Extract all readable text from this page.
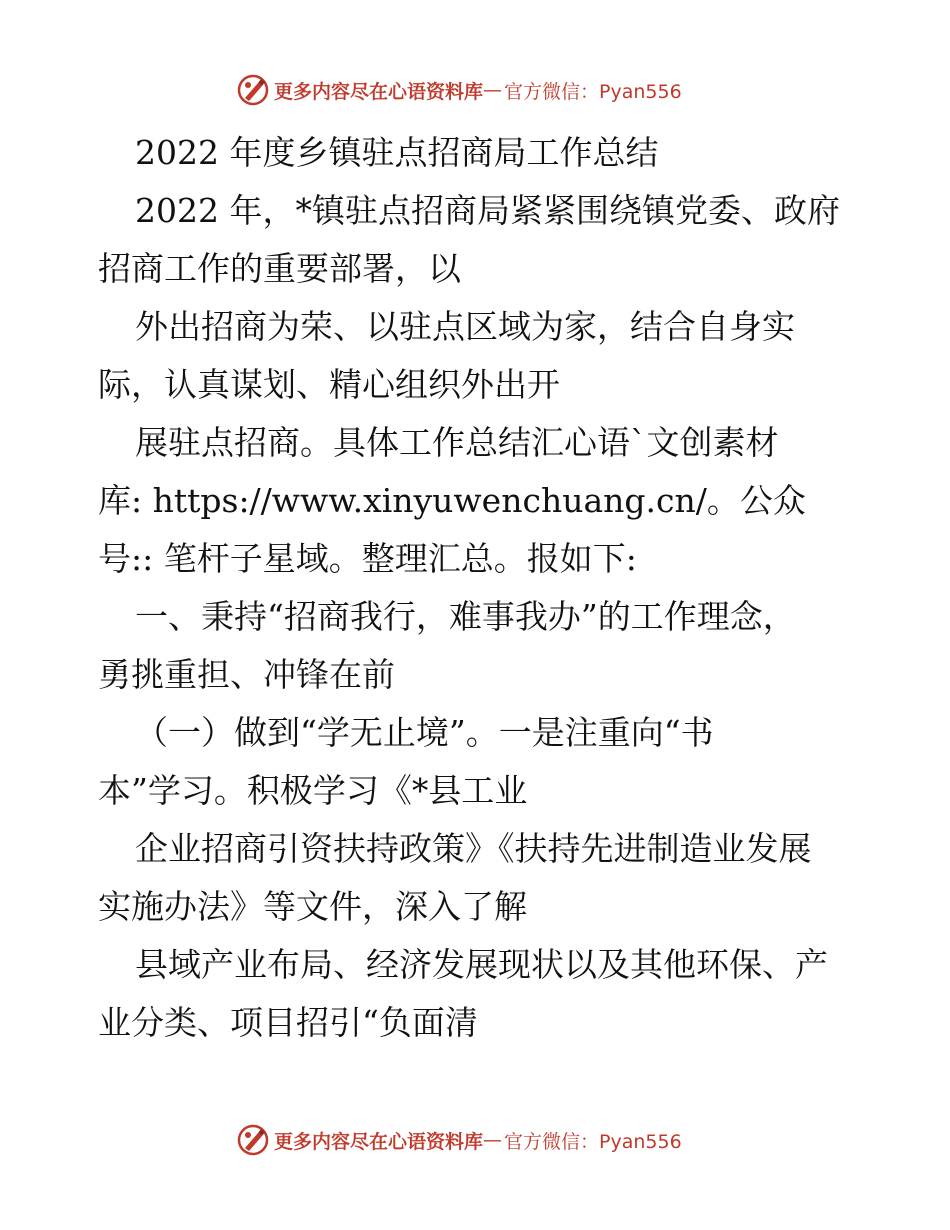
更多内容尽在心语资料库 — 官方微信：Pyan556
2022 年度乡镇驻点招商局工作总结
2022 年，*镇驻点招商局紧紧围绕镇党委、政府
招商工作的重要部署，以
外出招商为荣、以驻点区域为家，结合自身实
际，认真谋划、精心组织外出开
展驻点招商。具体工作总结汇心语`文创素材
库: https://www.xinyuwenchuang.cn/。公众
号:: 笔杆子星域。整理汇总。报如下:
一、秉持“招商我行，难事我办”的工作理念，
勇挑重担、冲锋在前
（一）做到“学无止境”。一是注重向“书
本”学习。积极学习《*县工业
企业招商引资扶持政策》《扶持先进制造业发展
实施办法》等文件，深入了解
县域产业布局、经济发展现状以及其他环保、产
业分类、项目招引“负面清
更多内容尽在心语资料库 — 官方微信：Pyan556
